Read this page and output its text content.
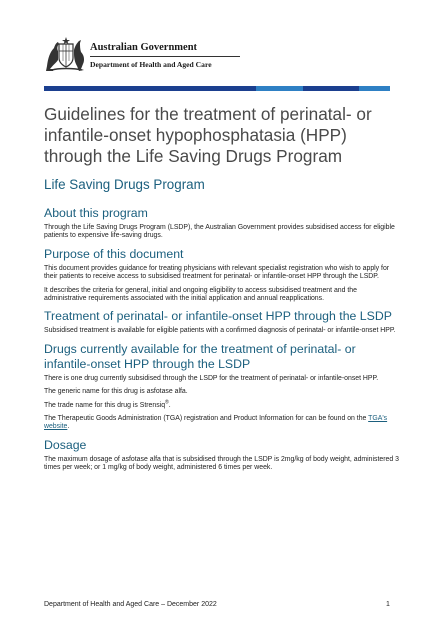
Australian Government
Department of Health and Aged Care
Guidelines for the treatment of perinatal- or infantile-onset hypophosphatasia (HPP) through the Life Saving Drugs Program
Life Saving Drugs Program
About this program

Through the Life Saving Drugs Program (LSDP), the Australian Government provides subsidised access for eligible patients to expensive life-saving drugs.

Purpose of this document

This document provides guidance for treating physicians with relevant specialist registration who wish to apply for their patients to receive access to subsidised treatment for perinatal- or infantile-onset HPP through the LSDP.

It describes the criteria for general, initial and ongoing eligibility to access subsidised treatment and the administrative requirements associated with the initial application and annual reapplications.

Treatment of perinatal- or infantile-onset HPP through the LSDP

Subsidised treatment is available for eligible patients with a confirmed diagnosis of perinatal- or infantile-onset HPP.

Drugs currently available for the treatment of perinatal- or infantile-onset HPP through the LSDP

There is one drug currently subsidised through the LSDP for the treatment of perinatal- or infantile-onset HPP.

The generic name for this drug is asfotase alfa.

The trade name for this drug is Strensiq®.

The Therapeutic Goods Administration (TGA) registration and Product Information for can be found on the TGA's website.

Dosage

The maximum dosage of asfotase alfa that is subsidised through the LSDP is 2mg/kg of body weight, administered 3 times per week; or 1 mg/kg of body weight, administered 6 times per week.

Department of Health and Aged Care – December 2022	1
